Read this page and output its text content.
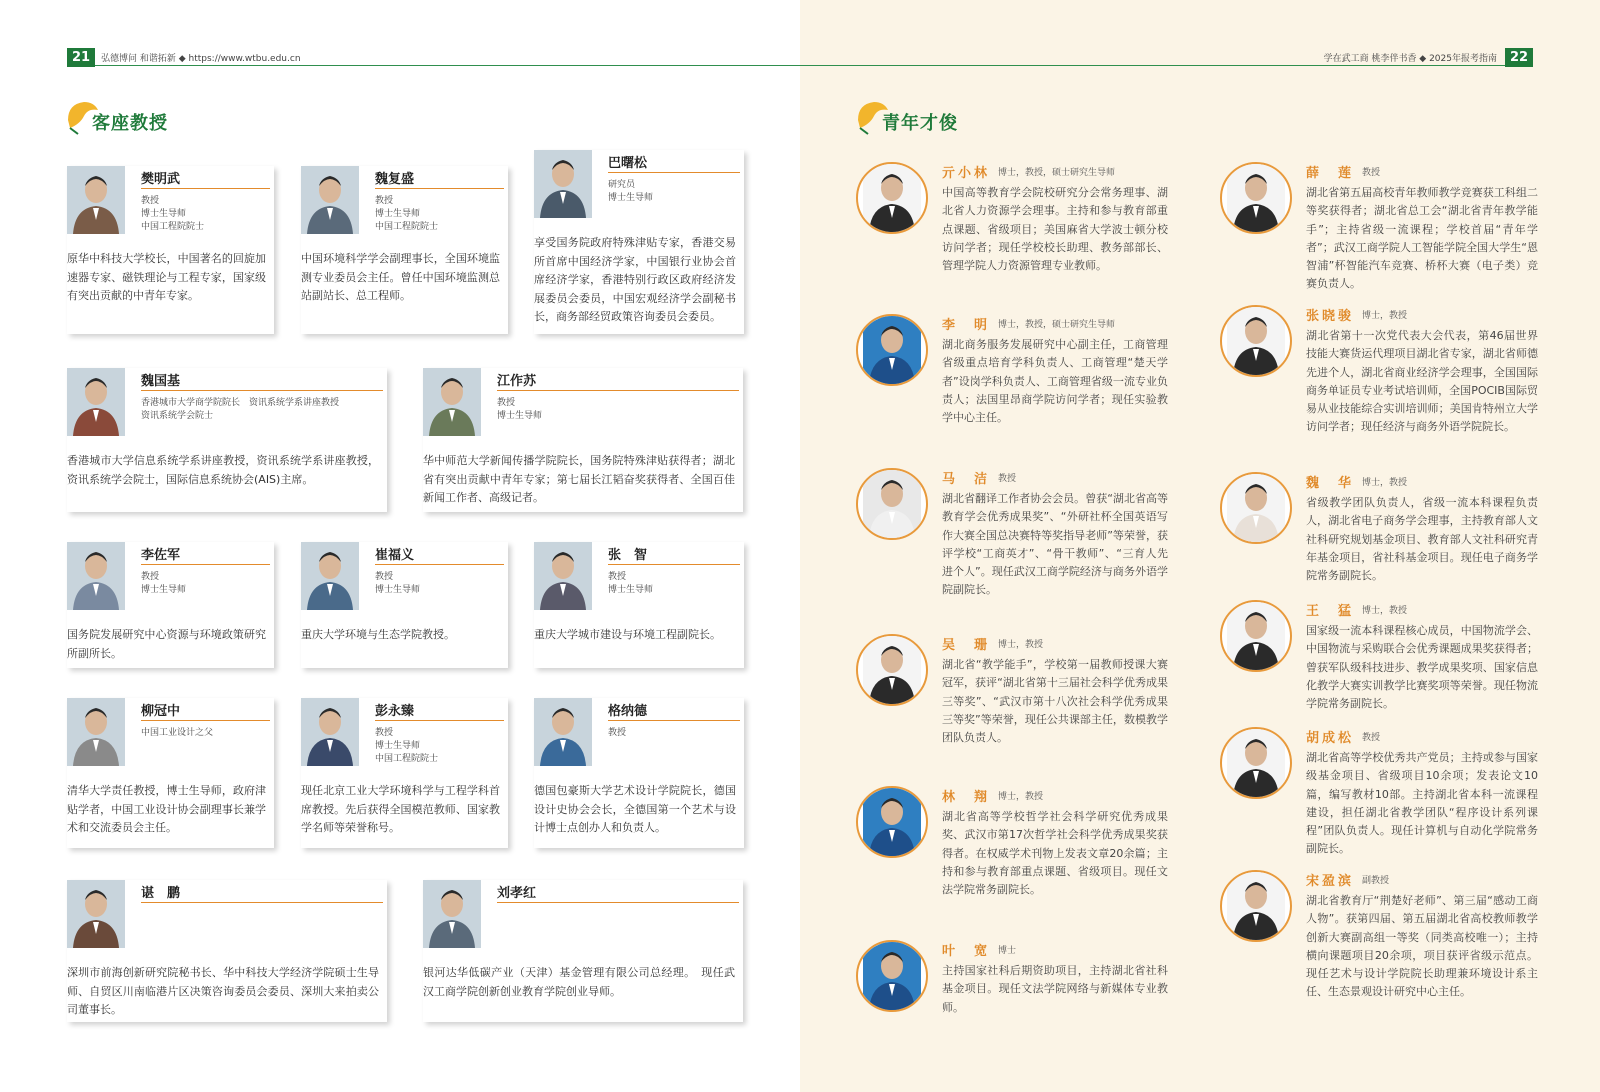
21	弘德博问 和谐拓新 ◆ https://www.wtbu.edu.cn	学在武工商 桃李伴书香 ◆ 2025年报考指南 22
客座教授	青年才俊
樊明武
教授
博士生导师
中国工程院院士
原华中科技大学校长，中国著名的回旋加速器专家、磁铁理论与工程专家，国家级有突出贡献的中青年专家。
魏复盛
教授
博士生导师
中国工程院院士
中国环境科学学会副理事长，全国环境监测专业委员会主任。曾任中国环境监测总站副站长、总工程师。
巴曙松
研究员
博士生导师
享受国务院政府特殊津贴专家，香港交易所首席中国经济学家，中国银行业协会首席经济学家，香港特别行政区政府经济发展委员会委员，中国宏观经济学会副秘书长，商务部经贸政策咨询委员会委员。
魏国基
香港城市大学商学院院长　资讯系统学系讲座教授
资讯系统学会院士
香港城市大学信息系统学系讲座教授，资讯系统学系讲座教授，资讯系统学会院士，国际信息系统协会(AIS)主席。
江作苏
教授
博士生导师
华中师范大学新闻传播学院院长，国务院特殊津贴获得者；湖北省有突出贡献中青年专家；第七届长江韬奋奖获得者、全国百佳新闻工作者、高级记者。
李佐军
教授
博士生导师
国务院发展研究中心资源与环境政策研究所副所长。
崔福义
教授
博士生导师
重庆大学环境与生态学院教授。
张　智
教授
博士生导师
重庆大学城市建设与环境工程副院长。
柳冠中
中国工业设计之父
清华大学责任教授，博士生导师，政府津贴学者，中国工业设计协会副理事长兼学术和交流委员会主任。
彭永臻
教授
博士生导师
中国工程院院士
现任北京工业大学环境科学与工程学科首席教授。先后获得全国模范教师、国家教学名师等荣誉称号。
格纳德
教授
德国包豪斯大学艺术设计学院院长，德国设计史协会会长，全德国第一个艺术与设计博士点创办人和负责人。
谌　鹏
深圳市前海创新研究院秘书长、华中科技大学经济学院硕士生导师、自贸区川南临港片区决策咨询委员会委员、深圳大来拍卖公司董事长。
刘孝红
银河达华低碳产业（天津）基金管理有限公司总经理。　现任武汉工商学院创新创业教育学院创业导师。
亓小林 博士，教授，硕士研究生导师
中国高等教育学会院校研究分会常务理事、湖北省人力资源学会理事。主持和参与教育部重点课题、省级项目；美国麻省大学波士顿分校访问学者；现任学校校长助理、教务部部长、管理学院人力资源管理专业教师。
李　明 博士，教授，硕士研究生导师
湖北商务服务发展研究中心副主任，工商管理省级重点培育学科负责人、工商管理“楚天学者”设岗学科负责人、工商管理省级一流专业负责人；法国里昂商学院访问学者；现任实验教学中心主任。
马　洁 教授
湖北省翻译工作者协会会员。曾获“湖北省高等教育学会优秀成果奖”、“外研社杯全国英语写作大赛全国总决赛特等奖指导老师”等荣誉，获评学校“工商英才”、“骨干教师”、“三育人先进个人”。现任武汉工商学院经济与商务外语学院副院长。
吴　珊 博士，教授
湖北省“教学能手”，学校第一届教师授课大赛冠军，获评“湖北省第十三届社会科学优秀成果三等奖”、“武汉市第十八次社会科学优秀成果三等奖”等荣誉，现任公共课部主任，数模教学团队负责人。
林　翔 博士，教授
湖北省高等学校哲学社会科学研究优秀成果奖、武汉市第17次哲学社会科学优秀成果奖获得者。在权威学术刊物上发表文章20余篇；主持和参与教育部重点课题、省级项目。现任文法学院常务副院长。
叶　宽 博士
主持国家社科后期资助项目，主持湖北省社科基金项目。现任文法学院网络与新媒体专业教师。
薛　莲 教授
湖北省第五届高校青年教师教学竞赛获工科组二等奖获得者；湖北省总工会“湖北省青年教学能手”；主持省级一流课程；学校首届“青年学者”；武汉工商学院人工智能学院全国大学生“恩智浦”杯智能汽车竞赛、桥杯大赛（电子类）竞赛负责人。
张晓骏 博士，教授
湖北省第十一次党代表大会代表，第46届世界技能大赛货运代理项目湖北省专家，湖北省师德先进个人，湖北省商业经济学会理事，全国国际商务单证员专业考试培训师，全国POCIB国际贸易从业技能综合实训培训师；美国肯特州立大学访问学者；现任经济与商务外语学院院长。
魏　华 博士，教授
省级教学团队负责人，省级一流本科课程负责人，湖北省电子商务学会理事，主持教育部人文社科研究规划基金项目、教育部人文社科研究青年基金项目，省社科基金项目。现任电子商务学院常务副院长。
王　猛 博士，教授
国家级一流本科课程核心成员，中国物流学会、中国物流与采购联合会优秀课题成果奖获得者；曾获军队级科技进步、教学成果奖项、国家信息化教学大赛实训教学比赛奖项等荣誉。现任物流学院常务副院长。
胡成松 教授
湖北省高等学校优秀共产党员；主持或参与国家级基金项目、省级项目10余项；发表论文10篇，编写教材10部。主持湖北省本科一流课程建设，担任湖北省教学团队“程序设计系列课程”团队负责人。现任计算机与自动化学院常务副院长。
宋盈滨 副教授
湖北省教育厅“荆楚好老师”、第三届“感动工商人物”。获第四届、第五届湖北省高校教师教学创新大赛副高组一等奖（同类高校唯一）；主持横向课题项目20余项，项目获评省级示范点。现任艺术与设计学院院长助理兼环境设计系主任、生态景观设计研究中心主任。
